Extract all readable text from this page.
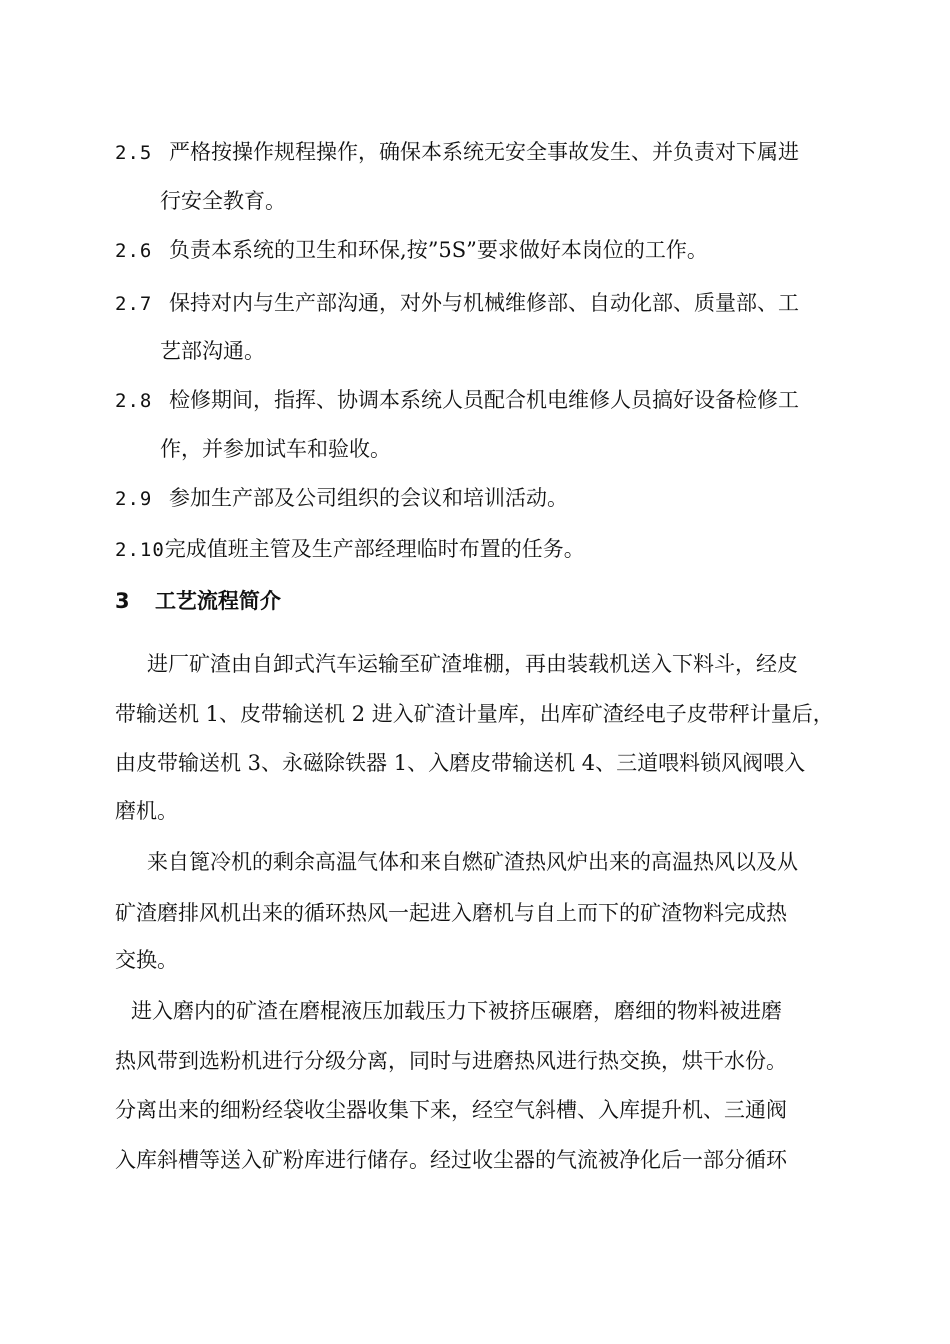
2.5 严格按操作规程操作，确保本系统无安全事故发生、并负责对下属进
行安全教育。
2.6 负责本系统的卫生和环保,按”5S”要求做好本岗位的工作。
2.7 保持对内与生产部沟通，对外与机械维修部、自动化部、质量部、工
艺部沟通。
2.8 检修期间，指挥、协调本系统人员配合机电维修人员搞好设备检修工
作，并参加试车和验收。
2.9 参加生产部及公司组织的会议和培训活动。
2.10完成值班主管及生产部经理临时布置的任务。
3 工艺流程简介
进厂矿渣由自卸式汽车运输至矿渣堆棚，再由装载机送入下料斗，经皮
带输送机 1、皮带输送机 2 进入矿渣计量库，出库矿渣经电子皮带秤计量后，
由皮带输送机 3、永磁除铁器 1、入磨皮带输送机 4、三道喂料锁风阀喂入
磨机。
来自篦冷机的剩余高温气体和来自燃矿渣热风炉出来的高温热风以及从
矿渣磨排风机出来的循环热风一起进入磨机与自上而下的矿渣物料完成热
交换。
进入磨内的矿渣在磨棍液压加载压力下被挤压碾磨，磨细的物料被进磨
热风带到选粉机进行分级分离，同时与进磨热风进行热交换，烘干水份。
分离出来的细粉经袋收尘器收集下来，经空气斜槽、入库提升机、三通阀
入库斜槽等送入矿粉库进行储存。经过收尘器的气流被净化后一部分循环
